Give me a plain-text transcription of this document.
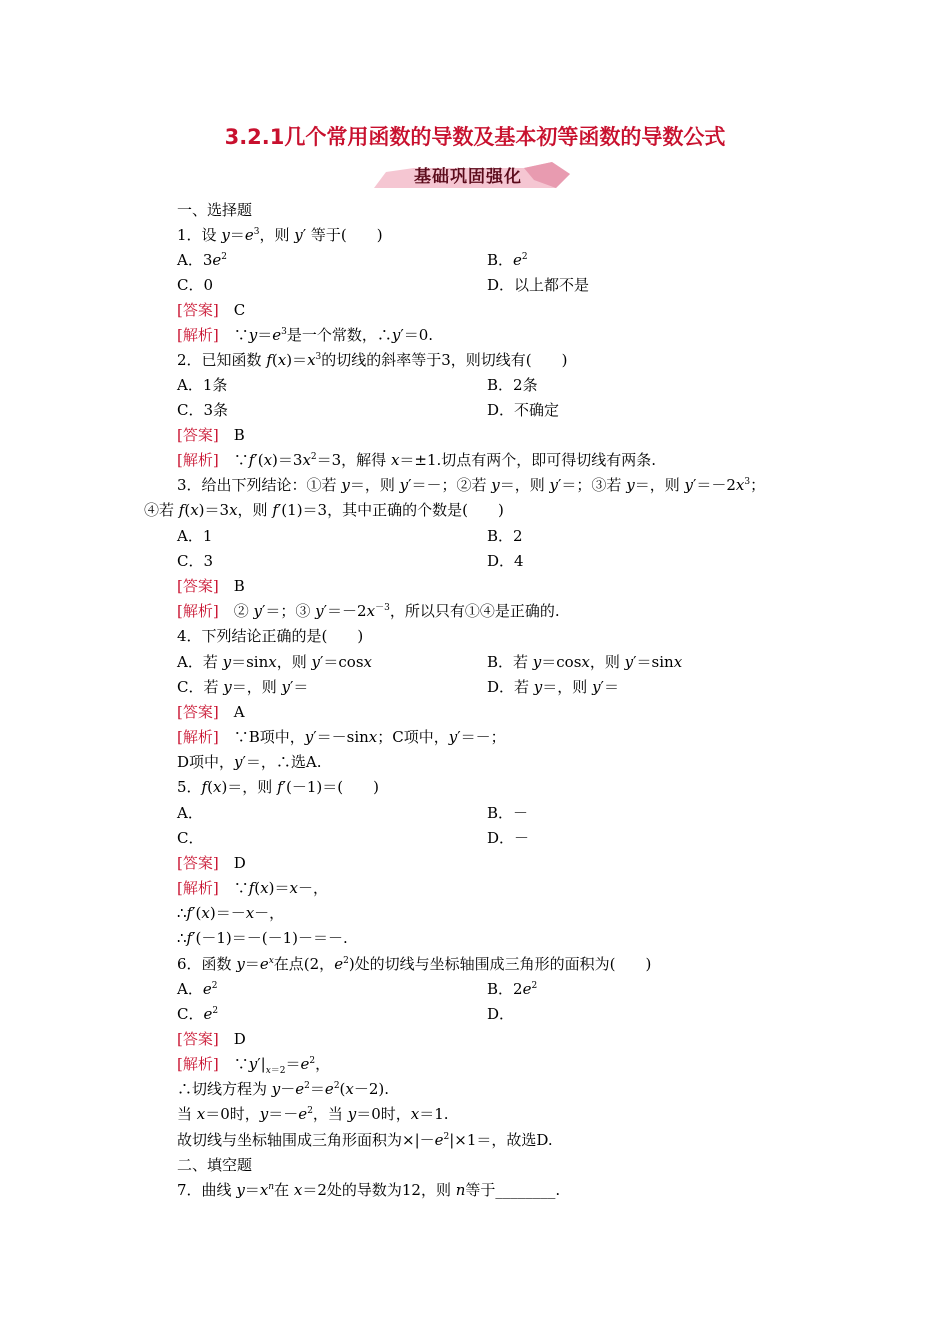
3.2.1几个常用函数的导数及基本初等函数的导数公式
基础巩固强化
一、选择题
1．设 $y=e^3$，则 y′ 等于(　　)
A．$3e^2$	B．$e^2$
C．0	D．以上都不是
[答案]　C
[解析]　$\because y=e^3$是一个常数，∴y′＝0.
2．已知函数 $f(x)=x^3$的切线的斜率等于3，则切线有(　　)
A．1条	B．2条
C．3条	D．不确定
[答案]　B
[解析]　$\because f'(x)=3x^2=3$，解得 x＝±1.切点有两个，即可得切线有两条.
3．给出下列结论：①若 y＝，则 y′＝－；②若 y＝，则 y′＝；③若 y＝，则 $y'=-2x^3$；
④若 f(x)＝3x，则 f′(1)＝3，其中正确的个数是(　　)
A．1	B．2
C．3	D．4
[答案]　B
[解析]　② y′＝；③ $y'=-2x^{-3}$，所以只有①④是正确的.
4．下列结论正确的是(　　)
A．若 y＝sinx，则 y′＝cosx	B．若 y＝cosx，则 y′＝sinx
C．若 y＝，则 y′＝	D．若 y＝，则 y′＝
[答案]　A
[解析]　∵B项中，y′＝－sinx；C项中，y′＝－；
D项中，y′＝，∴选A.
5．f(x)＝，则 f′(－1)＝(　　)
A．	B．－
C．	D．－
[答案]　D
[解析]　∵f(x)＝x－，
∴f′(x)＝－x－，
∴f′(－1)＝－(－1)－＝－.
6．函数 $y=e^x$在点(2，$e^2$)处的切线与坐标轴围成三角形的面积为(　　)
A．$e^2$	B．$2e^2$
C．$e^2$	D．
[答案]　D
[解析]　$\because y'|_{x=2}=e^2$，
∴切线方程为 $y-e^2=e^2(x-2)$.
当 x＝0时，$y=-e^2$，当 y＝0时，x＝1.
故切线与坐标轴围成三角形面积为$\times|-e^2|\times 1=$，故选D.
二、填空题
7．曲线 $y=x^n$在 x＝2处的导数为12，则 n等于________.
